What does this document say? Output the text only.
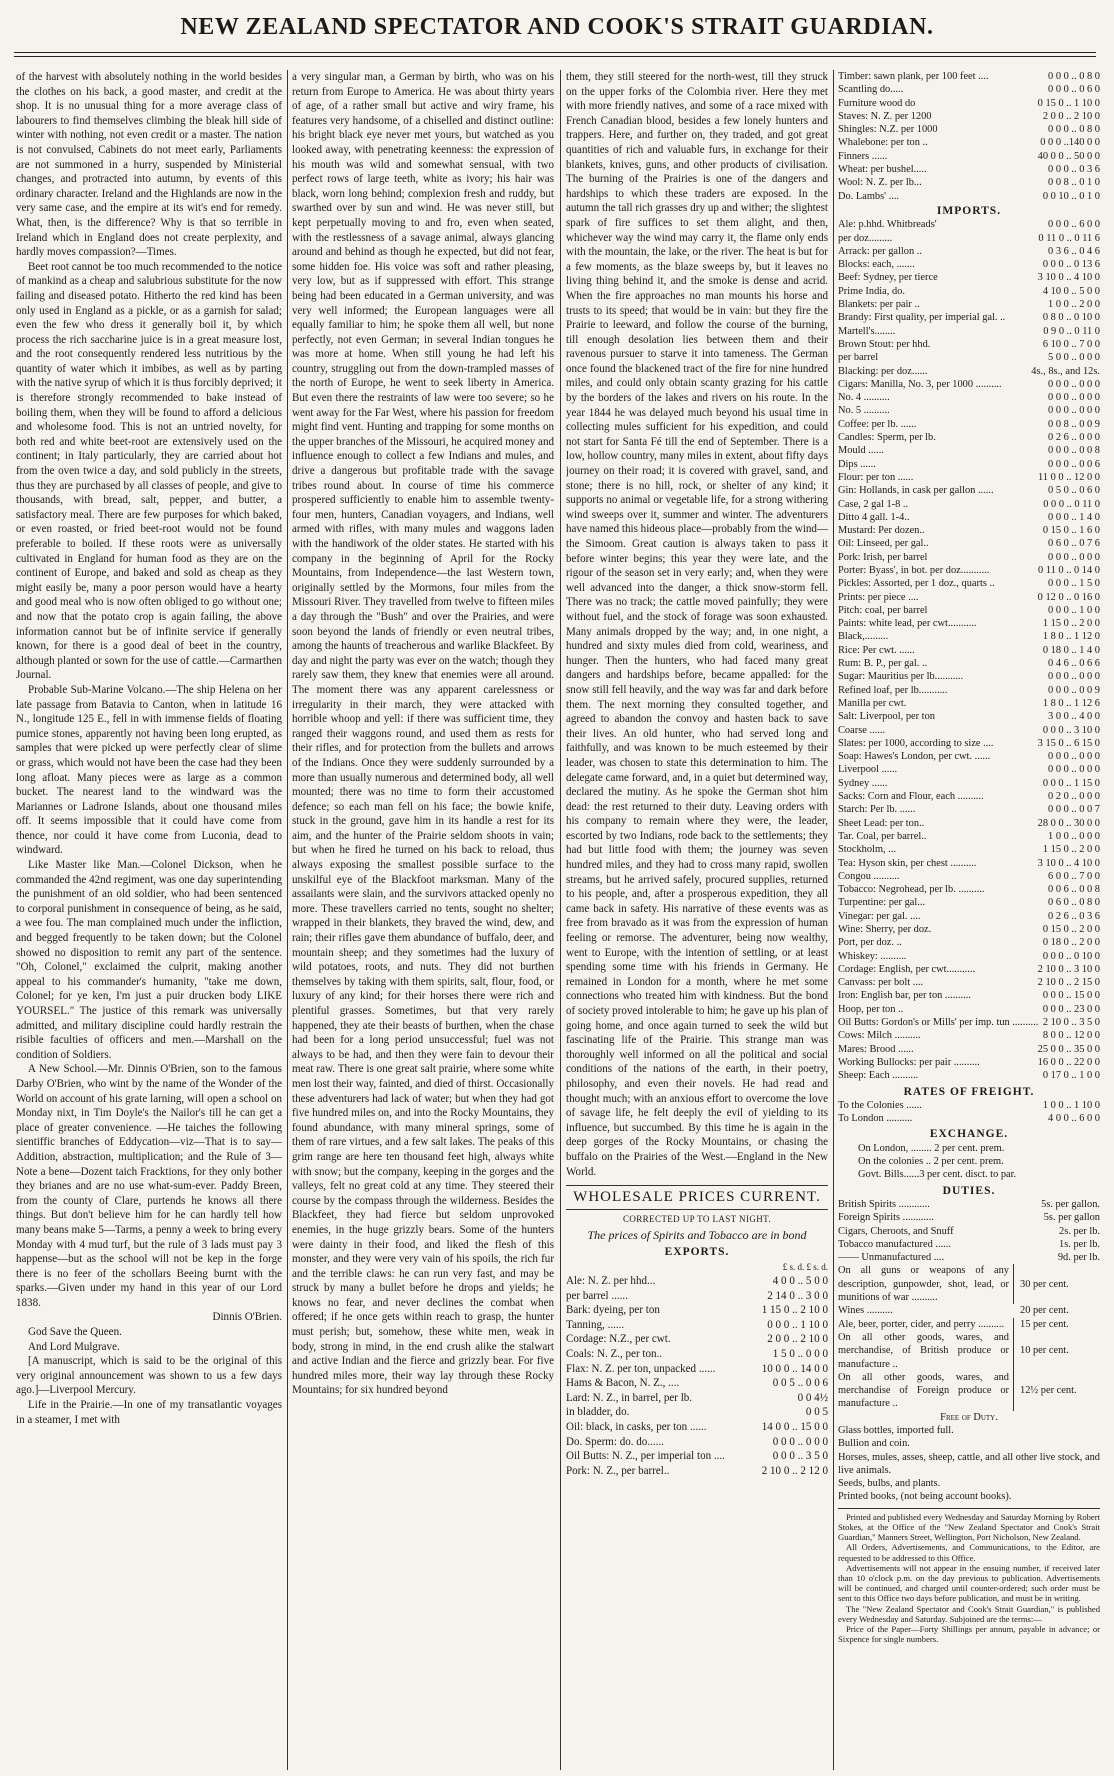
NEW ZEALAND SPECTATOR AND COOK'S STRAIT GUARDIAN.

of the harvest with absolutely nothing in the world besides the clothes on his back, a good master, and credit at the shop. It is no unusual thing for a more average class of labourers to find themselves climbing the bleak hill side of winter with nothing, not even credit or a master. The nation is not convulsed, Cabinets do not meet early, Parliaments are not summoned in a hurry, suspended by Ministerial changes, and protracted into autumn, by events of this ordinary character. Ireland and the Highlands are now in the very same case, and the empire at its wit's end for remedy. What, then, is the difference? Why is that so terrible in Ireland which in England does not create perplexity, and hardly moves compassion?—Times.

Beet root cannot be too much recommended to the notice of mankind as a cheap and salubrious substitute for the now failing and diseased potato. Hitherto the red kind has been only used in England as a pickle, or as a garnish for salad; even the few who dress it generally boil it, by which process the rich saccharine juice is in a great measure lost, and the root consequently rendered less nutritious by the quantity of water which it imbibes, as well as by parting with the native syrup of which it is thus forcibly deprived; it is therefore strongly recommended to bake instead of boiling them, when they will be found to afford a delicious and wholesome food. This is not an untried novelty, for both red and white beet-root are extensively used on the continent; in Italy particularly, they are carried about hot from the oven twice a day, and sold publicly in the streets, thus they are purchased by all classes of people, and give to thousands, with bread, salt, pepper, and butter, a satisfactory meal. There are few purposes for which baked, or even roasted, or fried beet-root would not be found preferable to boiled. If these roots were as universally cultivated in England for human food as they are on the continent of Europe, and baked and sold as cheap as they might easily be, many a poor person would have a hearty and good meal who is now often obliged to go without one; and now that the potato crop is again failing, the above information cannot but be of infinite service if generally known, for there is a good deal of beet in the country, although planted or sown for the use of cattle.—Carmarthen Journal.

Probable Sub-Marine Volcano.—The ship Helena on her late passage from Batavia to Canton, when in latitude 16 N., longitude 125 E., fell in with immense fields of floating pumice stones, apparently not having been long erupted, as samples that were picked up were perfectly clear of slime or grass, which would not have been the case had they been long afloat. Many pieces were as large as a common bucket. The nearest land to the windward was the Mariannes or Ladrone Islands, about one thousand miles off. It seems impossible that it could have come from thence, nor could it have come from Luconia, dead to windward.

Like Master like Man.—Colonel Dickson, when he commanded the 42nd regiment, was one day superintending the punishment of an old soldier, who had been sentenced to corporal punishment in consequence of being, as he said, a wee fou. The man complained much under the infliction, and begged frequently to be taken down; but the Colonel showed no disposition to remit any part of the sentence. "Oh, Colonel," exclaimed the culprit, making another appeal to his commander's humanity, "take me down, Colonel; for ye ken, I'm just a puir drucken body LIKE YOURSEL." The justice of this remark was universally admitted, and military discipline could hardly restrain the risible faculties of officers and men.—Marshall on the condition of Soldiers.

A New School.—Mr. Dinnis O'Brien, son to the famous Darby O'Brien, who wint by the name of the Wonder of the World on account of his grate larning, will open a school on Monday nixt, in Tim Doyle's the Nailor's till he can get a place of greater convenience. —He taiches the following sientiffic branches of Eddycation—viz—That is to say—Addition, abstraction, multiplication; and the Rule of 3—Note a bene—Dozent taich Fracktions, for they only bother they brianes and are no use what-sum-ever. Paddy Breen, from the county of Clare, purtends he knows all there things. But don't believe him for he can hardly tell how many beans make 5—Tarms, a penny a week to bring every Monday with 4 mud turf, but the rule of 3 lads must pay 3 happense—but as the school will not be kep in the forge there is no feer of the schollars Beeing burnt with the sparks.—Given under my hand in this year of our Lord 1838.

Dinnis O'Brien.

God Save the Queen.

And Lord Mulgrave.

[A manuscript, which is said to be the original of this very original announcement was shown to us a few days ago.]—Liverpool Mercury.

Life in the Prairie.—In one of my transatlantic voyages in a steamer, I met with

a very singular man, a German by birth, who was on his return from Europe to America. He was about thirty years of age, of a rather small but active and wiry frame, his features very handsome, of a chiselled and distinct outline: his bright black eye never met yours, but watched as you looked away, with penetrating keenness: the expression of his mouth was wild and somewhat sensual, with two perfect rows of large teeth, white as ivory; his hair was black, worn long behind; complexion fresh and ruddy, but swarthed over by sun and wind. He was never still, but kept perpetually moving to and fro, even when seated, with the restlessness of a savage animal, always glancing around and behind as though he expected, but did not fear, some hidden foe. His voice was soft and rather pleasing, very low, but as if suppressed with effort. This strange being had been educated in a German university, and was very well informed; the European languages were all equally familiar to him; he spoke them all well, but none perfectly, not even German; in several Indian tongues he was more at home. When still young he had left his country, struggling out from the down-trampled masses of the north of Europe, he went to seek liberty in America. But even there the restraints of law were too severe; so he went away for the Far West, where his passion for freedom might find vent. Hunting and trapping for some months on the upper branches of the Missouri, he acquired money and influence enough to collect a few Indians and mules, and drive a dangerous but profitable trade with the savage tribes round about. In course of time his commerce prospered sufficiently to enable him to assemble twenty-four men, hunters, Canadian voyagers, and Indians, well armed with rifles, with many mules and waggons laden with the handiwork of the older states. He started with his company in the beginning of April for the Rocky Mountains, from Independence—the last Western town, originally settled by the Mormons, four miles from the Missouri River. They travelled from twelve to fifteen miles a day through the "Bush" and over the Prairies, and were soon beyond the lands of friendly or even neutral tribes, among the haunts of treacherous and warlike Blackfeet. By day and night the party was ever on the watch; though they rarely saw them, they knew that enemies were all around. The moment there was any apparent carelessness or irregularity in their march, they were attacked with horrible whoop and yell: if there was sufficient time, they ranged their waggons round, and used them as rests for their rifles, and for protection from the bullets and arrows of the Indians. Once they were suddenly surrounded by a more than usually numerous and determined body, all well mounted; there was no time to form their accustomed defence; so each man fell on his face; the bowie knife, stuck in the ground, gave him in its handle a rest for its aim, and the hunter of the Prairie seldom shoots in vain; but when he fired he turned on his back to reload, thus always exposing the smallest possible surface to the unskilful eye of the Blackfoot marksman. Many of the assailants were slain, and the survivors attacked openly no more. These travellers carried no tents, sought no shelter; wrapped in their blankets, they braved the wind, dew, and rain; their rifles gave them abundance of buffalo, deer, and mountain sheep; and they sometimes had the luxury of wild potatoes, roots, and nuts. They did not burthen themselves by taking with them spirits, salt, flour, food, or luxury of any kind; for their horses there were rich and plentiful grasses. Sometimes, but that very rarely happened, they ate their beasts of burthen, when the chase had been for a long period unsuccessful; fuel was not always to be had, and then they were fain to devour their meat raw. There is one great salt prairie, where some white men lost their way, fainted, and died of thirst. Occasionally these adventurers had lack of water; but when they had got five hundred miles on, and into the Rocky Mountains, they found abundance, with many mineral springs, some of them of rare virtues, and a few salt lakes. The peaks of this grim range are here ten thousand feet high, always white with snow; but the company, keeping in the gorges and the valleys, felt no great cold at any time. They steered their course by the compass through the wilderness. Besides the Blackfeet, they had fierce but seldom unprovoked enemies, in the huge grizzly bears. Some of the hunters were dainty in their food, and liked the flesh of this monster, and they were very vain of his spoils, the rich fur and the terrible claws: he can run very fast, and may be struck by many a bullet before he drops and yields; he knows no fear, and never declines the combat when offered; if he once gets within reach to grasp, the hunter must perish; but, somehow, these white men, weak in body, strong in mind, in the end crush alike the stalwart and active Indian and the fierce and grizzly bear. For five hundred miles more, their way lay through these Rocky Mountains; for six hundred beyond

them, they still steered for the north-west, till they struck on the upper forks of the Colombia river. Here they met with more friendly natives, and some of a race mixed with French Canadian blood, besides a few lonely hunters and trappers. Here, and further on, they traded, and got great quantities of rich and valuable furs, in exchange for their blankets, knives, guns, and other products of civilisation. The burning of the Prairies is one of the dangers and hardships to which these traders are exposed. In the autumn the tall rich grasses dry up and wither; the slightest spark of fire suffices to set them alight, and then, whichever way the wind may carry it, the flame only ends with the mountain, the lake, or the river. The heat is but for a few moments, as the blaze sweeps by, but it leaves no living thing behind it, and the smoke is dense and acrid. When the fire approaches no man mounts his horse and trusts to its speed; that would be in vain: but they fire the Prairie to leeward, and follow the course of the burning, till enough desolation lies between them and their ravenous pursuer to starve it into tameness. The German once found the blackened tract of the fire for nine hundred miles, and could only obtain scanty grazing for his cattle by the borders of the lakes and rivers on his route. In the year 1844 he was delayed much beyond his usual time in collecting mules sufficient for his expedition, and could not start for Santa Fé till the end of September. There is a low, hollow country, many miles in extent, about fifty days journey on their road; it is covered with gravel, sand, and stone; there is no hill, rock, or shelter of any kind; it supports no animal or vegetable life, for a strong withering wind sweeps over it, summer and winter. The adventurers have named this hideous place—probably from the wind—the Simoom. Great caution is always taken to pass it before winter begins; this year they were late, and the rigour of the season set in very early; and, when they were well advanced into the danger, a thick snow-storm fell. There was no track; the cattle moved painfully; they were without fuel, and the stock of forage was soon exhausted. Many animals dropped by the way; and, in one night, a hundred and sixty mules died from cold, weariness, and hunger. Then the hunters, who had faced many great dangers and hardships before, became appalled: for the snow still fell heavily, and the way was far and dark before them. The next morning they consulted together, and agreed to abandon the convoy and hasten back to save their lives. An old hunter, who had served long and faithfully, and was known to be much esteemed by their leader, was chosen to state this determination to him. The delegate came forward, and, in a quiet but determined way, declared the mutiny. As he spoke the German shot him dead: the rest returned to their duty. Leaving orders with his company to remain where they were, the leader, escorted by two Indians, rode back to the settlements; they had but little food with them; the journey was seven hundred miles, and they had to cross many rapid, swollen streams, but he arrived safely, procured supplies, returned to his people, and, after a prosperous expedition, they all came back in safety. His narrative of these events was as free from bravado as it was from the expression of human feeling or remorse. The adventurer, being now wealthy, went to Europe, with the intention of settling, or at least spending some time with his friends in Germany. He remained in London for a month, where he met some connections who treated him with kindness. But the bond of society proved intolerable to him; he gave up his plan of going home, and once again turned to seek the wild but fascinating life of the Prairie. This strange man was thoroughly well informed on all the political and social conditions of the nations of the earth, in their poetry, philosophy, and even their novels. He had read and thought much; with an anxious effort to overcome the love of savage life, he felt deeply the evil of yielding to its influence, but succumbed. By this time he is again in the deep gorges of the Rocky Mountains, or chasing the buffalo on the Prairies of the West.—England in the New World.

WHOLESALE PRICES CURRENT.
CORRECTED UP TO LAST NIGHT.
The prices of Spirits and Tobacco are in bond
EXPORTS.
£ s. d. £ s. d.
Ale: N. Z. per hhd...	4 0 0 .. 5 0 0
per barrel ......	2 14 0 .. 3 0 0
Bark: dyeing, per ton	1 15 0 .. 2 10 0
Tanning, ......	0 0 0 .. 1 10 0
Cordage: N.Z., per cwt.	2 0 0 .. 2 10 0
Coals: N. Z., per ton..	1 5 0 .. 0 0 0
Flax: N. Z. per ton, unpacked ......	10 0 0 .. 14 0 0
Hams & Bacon, N. Z., ....	0 0 5 .. 0 0 6
Lard: N. Z., in barrel, per lb.	0 0 4½
in bladder, do.	0 0 5
Oil: black, in casks, per ton ......	14 0 0 .. 15 0 0
Do. Sperm: do. do......	0 0 0 .. 0 0 0
Oil Butts: N. Z., per imperial ton ....	0 0 0 .. 3 5 0
Pork: N. Z., per barrel..	2 10 0 .. 2 12 0
Timber: sawn plank, per 100 feet ....	0 0 0 .. 0 8 0
Scantling do.....	0 0 0 .. 0 6 0
Furniture wood do	0 15 0 .. 1 10 0
Staves: N. Z. per 1200	2 0 0 .. 2 10 0
Shingles: N.Z. per 1000	0 0 0 .. 0 8 0
Whalebone: per ton ..	0 0 0 ..140 0 0
Finners ......	40 0 0 .. 50 0 0
Wheat: per bushel.....	0 0 0 .. 0 3 6
Wool: N. Z. per lb...	0 0 8 .. 0 1 0
Do. Lambs' ....	0 0 10 .. 0 1 0
IMPORTS.
Ale: p.hhd. Whitbreads'	0 0 0 .. 6 0 0
per doz.........	0 11 0 .. 0 11 6
Arrack: per gallon ..	0 3 6 .. 0 4 6
Blocks: each, .......	0 0 0 .. 0 13 6
Beef: Sydney, per tierce	3 10 0 .. 4 10 0
Prime India, do.	4 10 0 .. 5 0 0
Blankets: per pair ..	1 0 0 .. 2 0 0
Brandy: First quality, per imperial gal. ..	0 8 0 .. 0 10 0
Martell's........	0 9 0 .. 0 11 0
Brown Stout: per hhd.	6 10 0 .. 7 0 0
per barrel	5 0 0 .. 0 0 0
Blacking: per doz......	4s., 8s., and 12s.
Cigars: Manilla, No. 3, per 1000 ..........	0 0 0 .. 0 0 0
No. 4 ..........	0 0 0 .. 0 0 0
No. 5 ..........	0 0 0 .. 0 0 0
Coffee: per lb. ......	0 0 8 .. 0 0 9
Candles: Sperm, per lb.	0 2 6 .. 0 0 0
Mould ......	0 0 0 .. 0 0 8
Dips ......	0 0 0 .. 0 0 6
Flour: per ton ......	11 0 0 .. 12 0 0
Gin: Hollands, in cask per gallon ......	0 5 0 .. 0 6 0
Case, 2 gal 1-8 ..	0 0 0 .. 0 11 0
Ditto 4 gall. 1-4..	0 0 0 .. 1 4 0
Mustard: Per dozen..	0 15 0 .. 1 6 0
Oil: Linseed, per gal..	0 6 0 .. 0 7 6
Pork: Irish, per barrel	0 0 0 .. 0 0 0
Porter: Byass', in bot. per doz...........	0 11 0 .. 0 14 0
Pickles: Assorted, per 1 doz., quarts ..	0 0 0 .. 1 5 0
Prints: per piece ....	0 12 0 .. 0 16 0
Pitch: coal, per barrel	0 0 0 .. 1 0 0
Paints: white lead, per cwt...........	1 15 0 .. 2 0 0
Black,.........	1 8 0 .. 1 12 0
Rice: Per cwt. ......	0 18 0 .. 1 4 0
Rum: B. P., per gal. ..	0 4 6 .. 0 6 6
Sugar: Mauritius per lb...........	0 0 0 .. 0 0 0
Refined loaf, per lb...........	0 0 0 .. 0 0 9
Manilla per cwt.	1 8 0 .. 1 12 6
Salt: Liverpool, per ton	3 0 0 .. 4 0 0
Coarse ......	0 0 0 .. 3 10 0
Slates: per 1000, according to size ....	3 15 0 .. 6 15 0
Soap: Hawes's London, per cwt. ......	0 0 0 .. 0 0 0
Liverpool ......	0 0 0 .. 0 0 0
Sydney ......	0 0 0 .. 1 15 0
Sacks: Corn and Flour, each ..........	0 2 0 .. 0 0 0
Starch: Per lb. ......	0 0 0 .. 0 0 7
Sheet Lead: per ton..	28 0 0 .. 30 0 0
Tar. Coal, per barrel..	1 0 0 .. 0 0 0
Stockholm, ...	1 15 0 .. 2 0 0
Tea: Hyson skin, per chest ..........	3 10 0 .. 4 10 0
Congou ..........	6 0 0 .. 7 0 0
Tobacco: Negrohead, per lb. ..........	0 0 6 .. 0 0 8
Turpentine: per gal...	0 6 0 .. 0 8 0
Vinegar: per gal. ....	0 2 6 .. 0 3 6
Wine: Sherry, per doz.	0 15 0 .. 2 0 0
Port, per doz. ..	0 18 0 .. 2 0 0
Whiskey: ..........	0 0 0 .. 0 10 0
Cordage: English, per cwt...........	2 10 0 .. 3 10 0
Canvass: per bolt ....	2 10 0 .. 2 15 0
Iron: English bar, per ton ..........	0 0 0 .. 15 0 0
Hoop, per ton ..	0 0 0 .. 23 0 0
Oil Butts: Gordon's or Mills' per imp. tun .......... 2 10 0 .. 3 5 0
Cows: Milch ..........	8 0 0 .. 12 0 0
Mares: Brood ......	25 0 0 .. 35 0 0
Working Bullocks: per pair ..........	16 0 0 .. 22 0 0
Sheep: Each ..........	0 17 0 .. 1 0 0
RATES OF FREIGHT.
To the Colonies ......	1 0 0 .. 1 10 0
To London ..........	4 0 0 .. 6 0 0
EXCHANGE.
On London, ........ 2 per cent. prem.
On the colonies .. 2 per cent. prem.
Govt. Bills......3 per cent. disct. to par.
DUTIES.
British Spirits ............	5s. per gallon.
Foreign Spirits ............	5s. per gallon
Cigars, Cheroots, and Snuff	2s. per lb.
Tobacco manufactured ......	1s. per lb.
—— Unmanufactured ....	9d. per lb.
On all guns or weapons of any description, gunpowder, shot, lead, or munitions of war ..........
30 per cent.
Wines ..........	20 per cent.
Ale, beer, porter, cider, and perry ..........	15 per cent.
On all other goods, wares, and merchandise, of British produce or manufacture ..
10 per cent.
On all other goods, wares, and merchandise of Foreign produce or manufacture ..
12½ per cent.
Free of Duty.
Glass bottles, imported full.
Bullion and coin.
Horses, mules, asses, sheep, cattle, and all other live stock, and live animals.
Seeds, bulbs, and plants.
Printed books, (not being account books).

Printed and published every Wednesday and Saturday Morning by Robert Stokes, at the Office of the "New Zealand Spectator and Cook's Strait Guardian," Manners Street, Wellington, Port Nicholson, New Zealand.

All Orders, Advertisements, and Communications, to the Editor, are requested to be addressed to this Office.

Advertisements will not appear in the ensuing number, if received later than 10 o'clock p.m. on the day previous to publication. Advertisements will be continued, and charged until counter-ordered; such order must be sent to this Office two days before publication, and must be in writing.

The "New Zealand Spectator and Cook's Strait Guardian," is published every Wednesday and Saturday. Subjoined are the terms:—

Price of the Paper—Forty Shillings per annum, payable in advance; or Sixpence for single numbers.
